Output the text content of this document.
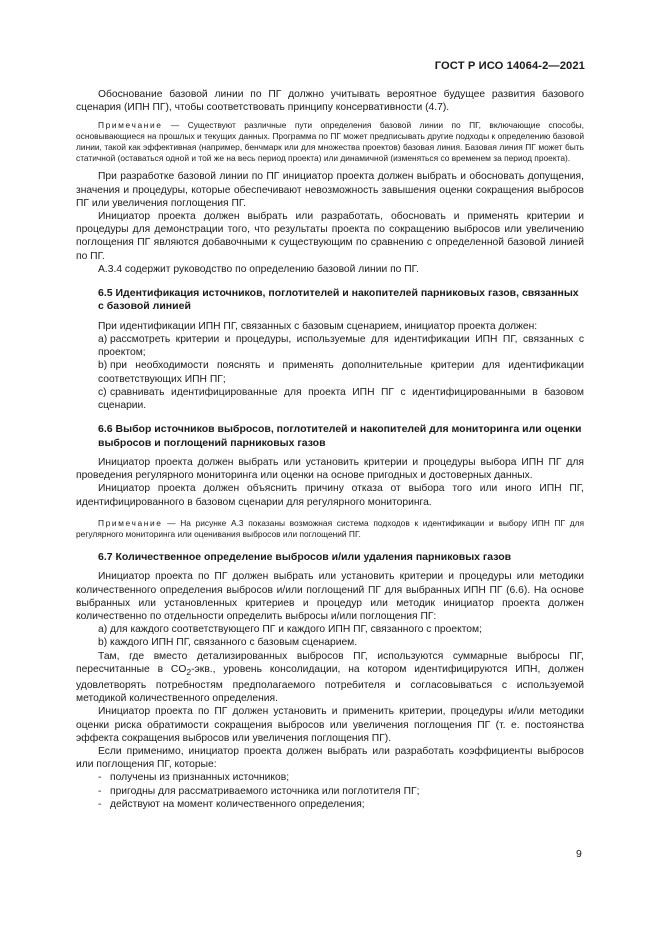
ГОСТ Р ИСО 14064-2—2021

Обоснование базовой линии по ПГ должно учитывать вероятное будущее развития базового сценария (ИПН ПГ), чтобы соответствовать принципу консервативности (4.7).

Примечание — Существуют различные пути определения базовой линии по ПГ, включающие способы, основывающиеся на прошлых и текущих данных. Программа по ПГ может предписывать другие подходы к определению базовой линии, такой как эффективная (например, бенчмарк или для множества проектов) базовая линия. Базовая линия ПГ может быть статичной (оставаться одной и той же на весь период проекта) или динамичной (изменяться со временем за период проекта).

При разработке базовой линии по ПГ инициатор проекта должен выбрать и обосновать допущения, значения и процедуры, которые обеспечивают невозможность завышения оценки сокращения выбросов ПГ или увеличения поглощения ПГ.

Инициатор проекта должен выбрать или разработать, обосновать и применять критерии и процедуры для демонстрации того, что результаты проекта по сокращению выбросов или увеличению поглощения ПГ являются добавочными к существующим по сравнению с определенной базовой линией по ПГ.

А.3.4 содержит руководство по определению базовой линии по ПГ.

6.5 Идентификация источников, поглотителей и накопителей парниковых газов, связанных с базовой линией

При идентификации ИПН ПГ, связанных с базовым сценарием, инициатор проекта должен:

a) рассмотреть критерии и процедуры, используемые для идентификации ИПН ПГ, связанных с проектом;
b) при необходимости пояснять и применять дополнительные критерии для идентификации соответствующих ИПН ПГ;
c) сравнивать идентифицированные для проекта ИПН ПГ с идентифицированными в базовом сценарии.

6.6 Выбор источников выбросов, поглотителей и накопителей для мониторинга или оценки выбросов и поглощений парниковых газов

Инициатор проекта должен выбрать или установить критерии и процедуры выбора ИПН ПГ для проведения регулярного мониторинга или оценки на основе пригодных и достоверных данных.

Инициатор проекта должен объяснить причину отказа от выбора того или иного ИПН ПГ, идентифицированного в базовом сценарии для регулярного мониторинга.

Примечание — На рисунке А.3 показаны возможная система подходов к идентификации и выбору ИПН ПГ для регулярного мониторинга или оценивания выбросов или поглощений ПГ.

6.7 Количественное определение выбросов и/или удаления парниковых газов

Инициатор проекта по ПГ должен выбрать или установить критерии и процедуры или методики количественного определения выбросов и/или поглощений ПГ для выбранных ИПН ПГ (6.6). На основе выбранных или установленных критериев и процедур или методик инициатор проекта должен количественно по отдельности определить выбросы и/или поглощения ПГ:

a) для каждого соответствующего ПГ и каждого ИПН ПГ, связанного с проектом;
b) каждого ИПН ПГ, связанного с базовым сценарием.

Там, где вместо детализированных выбросов ПГ, используются суммарные выбросы ПГ, пересчитанные в $CO_2$-экв., уровень консолидации, на котором идентифицируются ИПН, должен удовлетворять потребностям предполагаемого потребителя и согласовываться с используемой методикой количественного определения.

Инициатор проекта по ПГ должен установить и применить критерии, процедуры и/или методики оценки риска обратимости сокращения выбросов или увеличения поглощения ПГ (т. е. постоянства эффекта сокращения выбросов или увеличения поглощения ПГ).

Если применимо, инициатор проекта должен выбрать или разработать коэффициенты выбросов или поглощения ПГ, которые:

- получены из признанных источников;
- пригодны для рассматриваемого источника или поглотителя ПГ;
- действуют на момент количественного определения;
9
